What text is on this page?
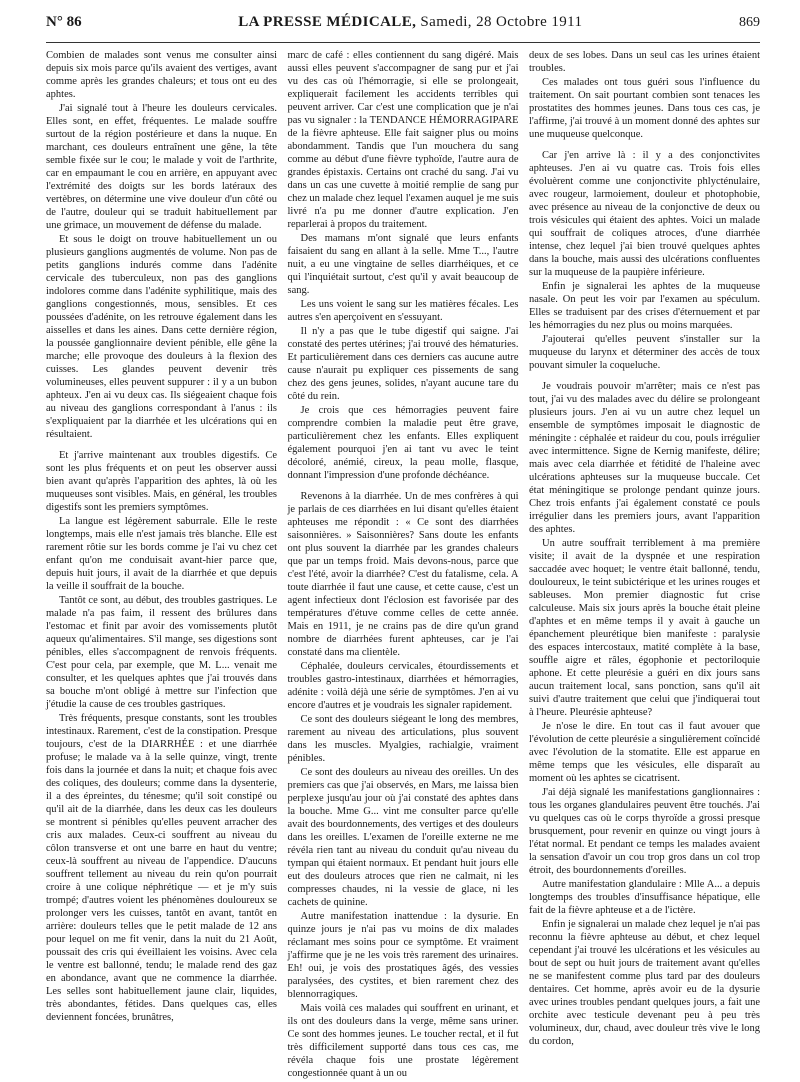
N° 86	LA PRESSE MÉDICALE, Samedi, 28 Octobre 1911	869

Combien de malades sont venus me consulter ainsi depuis six mois parce qu'ils avaient des vertiges, avant comme après les grandes chaleurs; et tous ont eu des aphtes.

J'ai signalé tout à l'heure les douleurs cervicales. Elles sont, en effet, fréquentes. Le malade souffre surtout de la région postérieure et dans la nuque. En marchant, ces douleurs entraînent une gêne, la tête semble fixée sur le cou; le malade y voit de l'arthrite, car en empaumant le cou en arrière, en appuyant avec l'extrémité des doigts sur les bords latéraux des vertèbres, on détermine une vive douleur d'un côté ou de l'autre, douleur qui se traduit habituellement par une grimace, un mouvement de défense du malade.

Et sous le doigt on trouve habituellement un ou plusieurs ganglions augmentés de volume. Non pas de petits ganglions indurés comme dans l'adénite cervicale des tuberculeux, non pas des ganglions indolores comme dans l'adénite syphilitique, mais des ganglions congestionnés, mous, sensibles. Et ces poussées d'adénite, on les retrouve également dans les aisselles et dans les aines. Dans cette dernière région, la poussée ganglionnaire devient pénible, elle gêne la marche; elle provoque des douleurs à la flexion des cuisses. Les glandes peuvent devenir très volumineuses, elles peuvent suppurer : il y a un bubon aphteux. J'en ai vu deux cas. Ils siégeaient chaque fois au niveau des ganglions correspondant à l'anus : ils s'expliquaient par la diarrhée et les ulcérations qui en résultaient.

Et j'arrive maintenant aux troubles digestifs. Ce sont les plus fréquents et on peut les observer aussi bien avant qu'après l'apparition des aphtes, là où les muqueuses sont visibles. Mais, en général, les troubles digestifs sont les premiers symptômes.

La langue est légèrement saburrale. Elle le reste longtemps, mais elle n'est jamais très blanche. Elle est rarement rôtie sur les bords comme je l'ai vu chez cet enfant qu'on me conduisait avant-hier parce que, depuis huit jours, il avait de la diarrhée et que depuis la veille il souffrait de la bouche.

Tantôt ce sont, au début, des troubles gastriques. Le malade n'a pas faim, il ressent des brûlures dans l'estomac et finit par avoir des vomissements plutôt aqueux qu'alimentaires. S'il mange, ses digestions sont pénibles, elles s'accompagnent de renvois fréquents. C'est pour cela, par exemple, que M. L... venait me consulter, et les quelques aphtes que j'ai trouvés dans sa bouche m'ont obligé à mettre sur l'infection que j'étudie la cause de ces troubles gastriques.

Très fréquents, presque constants, sont les troubles intestinaux. Rarement, c'est de la constipation. Presque toujours, c'est de la DIARRHÉE : et une diarrhée profuse; le malade va à la selle quinze, vingt, trente fois dans la journée et dans la nuit; et chaque fois avec des coliques, des douleurs; comme dans la dysenterie, il a des épreintes, du ténesme; qu'il soit constipé ou qu'il ait de la diarrhée, dans les deux cas les douleurs se montrent si pénibles qu'elles peuvent arracher des cris aux malades. Ceux-ci souffrent au niveau du côlon transverse et ont une barre en haut du ventre; ceux-là souffrent au niveau de l'appendice. D'aucuns souffrent tellement au niveau du rein qu'on pourrait croire à une colique néphrétique — et je m'y suis trompé; d'autres voient les phénomènes douloureux se prolonger vers les cuisses, tantôt en avant, tantôt en arrière: douleurs telles que le petit malade de 12 ans pour lequel on me fit venir, dans la nuit du 21 Août, poussait des cris qui éveillaient les voisins. Avec cela le ventre est ballonné, tendu; le malade rend des gaz en abondance, avant que ne commence la diarrhée. Les selles sont habituellement jaune clair, liquides, très abondantes, fétides. Dans quelques cas, elles deviennent foncées, brunâtres,

marc de café : elles contiennent du sang digéré. Mais aussi elles peuvent s'accompagner de sang pur et j'ai vu des cas où l'hémorragie, si elle se prolongeait, expliquerait facilement les accidents terribles qui peuvent arriver. Car c'est une complication que je n'ai pas vu signaler : la TENDANCE HÉMORRAGIPARE de la fièvre aphteuse. Elle fait saigner plus ou moins abondamment. Tandis que l'un mouchera du sang comme au début d'une fièvre typhoïde, l'autre aura de grandes épistaxis. Certains ont craché du sang. J'ai vu dans un cas une cuvette à moitié remplie de sang pur chez un malade chez lequel l'examen auquel je me suis livré n'a pu me donner d'autre explication. J'en reparlerai à propos du traitement.

Des mamans m'ont signalé que leurs enfants faisaient du sang en allant à la selle. Mme T..., l'autre nuit, a eu une vingtaine de selles diarrhéiques, et ce qui l'inquiétait surtout, c'est qu'il y avait beaucoup de sang.

Les uns voient le sang sur les matières fécales. Les autres s'en aperçoivent en s'essuyant.

Il n'y a pas que le tube digestif qui saigne. J'ai constaté des pertes utérines; j'ai trouvé des hématuries. Et particulièrement dans ces derniers cas aucune autre cause n'aurait pu expliquer ces pissements de sang chez des gens jeunes, solides, n'ayant aucune tare du côté du rein.

Je crois que ces hémorragies peuvent faire comprendre combien la maladie peut être grave, particulièrement chez les enfants. Elles expliquent également pourquoi j'en ai tant vu avec le teint décoloré, anémié, cireux, la peau molle, flasque, donnant l'impression d'une profonde déchéance.

Revenons à la diarrhée. Un de mes confrères à qui je parlais de ces diarrhées en lui disant qu'elles étaient aphteuses me répondit : « Ce sont des diarrhées saisonnières. » Saisonnières? Sans doute les enfants ont plus souvent la diarrhée par les grandes chaleurs que par un temps froid. Mais devons-nous, parce que c'est l'été, avoir la diarrhée? C'est du fatalisme, cela. A toute diarrhée il faut une cause, et cette cause, c'est un agent infectieux dont l'éclosion est favorisée par des températures d'étuve comme celles de cette année. Mais en 1911, je ne crains pas de dire qu'un grand nombre de diarrhées furent aphteuses, car je l'ai constaté dans ma clientèle.

Céphalée, douleurs cervicales, étourdissements et troubles gastro-intestinaux, diarrhées et hémorragies, adénite : voilà déjà une série de symptômes. J'en ai vu encore d'autres et je voudrais les signaler rapidement.

Ce sont des douleurs siégeant le long des membres, rarement au niveau des articulations, plus souvent dans les muscles. Myalgies, rachialgie, vraiment pénibles.

Ce sont des douleurs au niveau des oreilles. Un des premiers cas que j'ai observés, en Mars, me laissa bien perplexe jusqu'au jour où j'ai constaté des aphtes dans la bouche. Mme G... vint me consulter parce qu'elle avait des bourdonnements, des vertiges et des douleurs dans les oreilles. L'examen de l'oreille externe ne me révéla rien tant au niveau du conduit qu'au niveau du tympan qui étaient normaux. Et pendant huit jours elle eut des douleurs atroces que rien ne calmait, ni les compresses chaudes, ni la vessie de glace, ni les cachets de quinine.

Autre manifestation inattendue : la dysurie. En quinze jours je n'ai pas vu moins de dix malades réclamant mes soins pour ce symptôme. Et vraiment j'affirme que je ne les vois très rarement des urinaires. Eh! oui, je vois des prostatiques âgés, des vessies paralysées, des cystites, et bien rarement chez des blennorragiques.

Mais voilà ces malades qui souffrent en urinant, et ils ont des douleurs dans la verge, même sans uriner. Ce sont des hommes jeunes. Le toucher rectal, et il fut très difficilement supporté dans tous ces cas, me révéla chaque fois une prostate légèrement congestionnée quant à un ou

deux de ses lobes. Dans un seul cas les urines étaient troubles.

Ces malades ont tous guéri sous l'influence du traitement. On sait pourtant combien sont tenaces les prostatites des hommes jeunes. Dans tous ces cas, je l'affirme, j'ai trouvé à un moment donné des aphtes sur une muqueuse quelconque.

Car j'en arrive là : il y a des conjonctivites aphteuses. J'en ai vu quatre cas. Trois fois elles évoluèrent comme une conjonctivite phlycténulaire, avec rougeur, larmoiement, douleur et photophobie, avec présence au niveau de la conjonctive de deux ou trois vésicules qui étaient des aphtes. Voici un malade qui souffrait de coliques atroces, d'une diarrhée intense, chez lequel j'ai bien trouvé quelques aphtes dans la bouche, mais aussi des ulcérations confluentes sur la muqueuse de la paupière inférieure.

Enfin je signalerai les aphtes de la muqueuse nasale. On peut les voir par l'examen au spéculum. Elles se traduisent par des crises d'éternuement et par les hémorragies du nez plus ou moins marquées.

J'ajouterai qu'elles peuvent s'installer sur la muqueuse du larynx et déterminer des accès de toux pouvant simuler la coqueluche.

Je voudrais pouvoir m'arrêter; mais ce n'est pas tout, j'ai vu des malades avec du délire se prolongeant plusieurs jours. J'en ai vu un autre chez lequel un ensemble de symptômes imposait le diagnostic de méningite : céphalée et raideur du cou, pouls irrégulier avec intermittence. Signe de Kernig manifeste, délire; mais avec cela diarrhée et fétidité de l'haleine avec ulcérations aphteuses sur la muqueuse buccale. Cet état méningitique se prolonge pendant quinze jours. Chez trois enfants j'ai également constaté ce pouls irrégulier dans les premiers jours, avant l'apparition des aphtes.

Un autre souffrait terriblement à ma première visite; il avait de la dyspnée et une respiration saccadée avec hoquet; le ventre était ballonné, tendu, douloureux, le teint subictérique et les urines rouges et sableuses. Mon premier diagnostic fut crise calculeuse. Mais six jours après la bouche était pleine d'aphtes et en même temps il y avait à gauche un épanchement pleurétique bien manifeste : paralysie des espaces intercostaux, matité complète à la base, souffle aigre et râles, égophonie et pectoriloquie aphone. Et cette pleurésie a guéri en dix jours sans aucun traitement local, sans ponction, sans qu'il ait suivi d'autre traitement que celui que j'indiquerai tout à l'heure. Pleurésie aphteuse?

Je n'ose le dire. En tout cas il faut avouer que l'évolution de cette pleurésie a singulièrement coïncidé avec l'évolution de la stomatite. Elle est apparue en même temps que les vésicules, elle disparaît au moment où les aphtes se cicatrisent.

J'ai déjà signalé les manifestations ganglionnaires : tous les organes glandulaires peuvent être touchés. J'ai vu quelques cas où le corps thyroïde a grossi presque brusquement, pour revenir en quinze ou vingt jours à l'état normal. Et pendant ce temps les malades avaient la sensation d'avoir un cou trop gros dans un col trop étroit, des bourdonnements d'oreilles.

Autre manifestation glandulaire : Mlle A... a depuis longtemps des troubles d'insuffisance hépatique, elle fait de la fièvre aphteuse et a de l'ictère.

Enfin je signalerai un malade chez lequel je n'ai pas reconnu la fièvre aphteuse au début, et chez lequel cependant j'ai trouvé les ulcérations et les vésicules au bout de sept ou huit jours de traitement avant qu'elles ne se manifestent comme plus tard par des douleurs dentaires. Cet homme, après avoir eu de la dysurie avec urines troubles pendant quelques jours, a fait une orchite avec testicule devenant peu à peu très volumineux, dur, chaud, avec douleur très vive le long du cordon,
